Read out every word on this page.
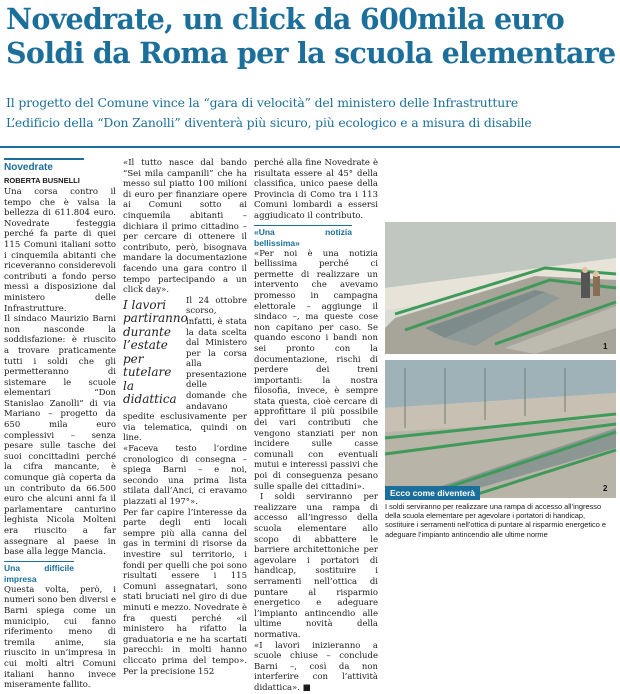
Novedrate, un click da 600mila euro
Soldi da Roma per la scuola elementare

Il progetto del Comune vince la “gara di velocità” del ministero delle Infrastrutture

L’edificio della “Don Zanolli” diventerà più sicuro, più ecologico e a misura di disabile

Novedrate
ROBERTA BUSNELLI

Una corsa contro il tempo che è valsa la bellezza di 611.804 euro. Novedrate festeggia perché fa parte di quei 115 Comuni italiani sotto i cinquemila abitanti che riceveranno considerevoli contributi a fondo perso messi a disposizione dal ministero delle Infrastrutture.

Il sindaco Maurizio Barni non nasconde la soddisfazione: è riuscito a trovare praticamente tutti i soldi che gli permetteranno di sistemare le scuole elementari “Don Stanislao Zanolli” di via Mariano – progetto da 650 mila euro complessivi – senza pesare sulle tasche dei suoi concittadini perché la cifra mancante, è comunque già coperta da un contributo da 66.500 euro che alcuni anni fa il parlamentare canturino leghista Nicola Molteni era riuscito a far assegnare al paese in base alla legge Mancia.

Una difficile impresa

Questa volta, però, i numeri sono ben diversi e Barni spiega come un municipio, cui fanno riferimento meno di tremila anime, sia riuscito in un’impresa in cui molti altri Comuni italiani hanno invece miseramente fallito.

«Il tutto nasce dal bando “Sei mila campanili” che ha messo sul piatto 100 milioni di euro per finanziare opere ai Comuni sotto ai cinquemila abitanti – dichiara il primo cittadino – per cercare di ottenere il contributo, però, bisognava mandare la documentazione facendo una gara contro il tempo partecipando a un click day».

I lavori partiranno durante l’estate per tutelare la didattica

Il 24 ottobre scorso, infatti, è stata la data scelta dal Ministero per la corsa alla presentazione delle domande che andavano spedite esclusivamente per via telematica, quindi on line.

«Faceva testo l’ordine cronologico di consegna – spiega Barni – e noi, secondo una prima lista stilata dall’Anci, ci eravamo piazzati al 197°».

Per far capire l’interesse da parte degli enti locali sempre più alla canna del gas in termini di risorse da investire sul territorio, i fondi per quelli che poi sono risultati essere i 115 Comuni assegnatari, sono stati bruciati nel giro di due minuti e mezzo. Novedrate è fra questi perché «il ministero ha rifatto la graduatoria e ne ha scartati parecchi: in molti hanno cliccato prima del tempo». Per la precisione 152

perché alla fine Novedrate è risultata essere al 45° della classifica, unico paese della Provincia di Como tra i 113 Comuni lombardi a essersi aggiudicato il contributo.

«Una notizia bellissima»

«Per noi è una notizia bellissima perché ci permette di realizzare un intervento che avevamo promesso in campagna elettorale – aggiunge il sindaco –, ma queste cose non capitano per caso. Se quando escono i bandi non sei pronto con la documentazione, rischi di perdere dei treni importanti: la nostra filosofia, invece, è sempre stata questa, cioè cercare di approfittare il più possibile dei vari contributi che vengono stanziati per non incidere sulle casse comunali con eventuali mutui e interessi passivi che poi di conseguenza pesano sulle spalle dei cittadini».

I soldi serviranno per realizzare una rampa di accesso all’ingresso della scuola elementare allo scopo di abbattere le barriere architettoniche per agevolare i portatori di handicap, sostituire i serramenti nell’ottica di puntare al risparmio energetico e adeguare l’impianto antincendio alle ultime novità della normativa.

«I lavori inizieranno a scuole chiuse – conclude Barni –, così da non interferire con l’attività didattica». ■

1
2
Ecco come diventerà
I soldi serviranno per realizzare una rampa di accesso all’ingresso della scuola elementare per agevolare i portatori di handicap, sostituire i serramenti nell’ottica di puntare al risparmio energetico e adeguare l’impianto antincendio alle ultime norme
